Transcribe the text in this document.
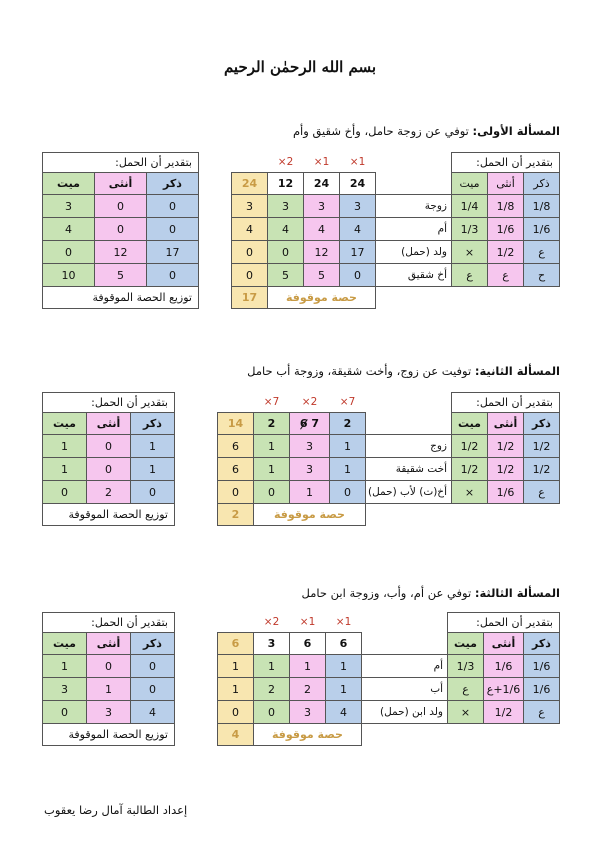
بسم الله الرحمٰن الرحيم
المسألة الأولى: توفي عن زوجة حامل، وأخ شقيق وأم
بتقدير أن الحمل:				1×	1×	2×	
ذكر	أنثى	ميت		24	24	12	24
1/8	1/8	1/4	زوجة	3	3	3	3
1/6	1/6	1/3	أم	4	4	4	4
ع	1/2	×	ولد (حمل)	17	12	0	0
ح	ع	ع	أخ شقيق	0	5	5	0
				حصة موقوفة			17
بتقدير أن الحمل:		
ذكر	أنثى	ميت
0	0	3
0	0	4
17	12	0
0	5	10
توزيع الحصة الموقوفة		
المسألة الثانية: توفيت عن زوج، وأخت شقيقة، وزوجة أب حامل
بتقدير أن الحمل:				7×	2×	7×	
ذكر	أنثى	ميت		2	7 6	2	14
1/2	1/2	1/2	زوج	1	3	1	6
1/2	1/2	1/2	أخت شقيقة	1	3	1	6
ع	1/6	×	أخ(ت) لأب (حمل)	0	1	0	0
				حصة موقوفة			2
بتقدير أن الحمل:		
ذكر	أنثى	ميت
1	0	1
1	0	1
0	2	0
توزيع الحصة الموقوفة		
المسألة الثالثة: توفي عن أم، وأب، وزوجة ابن حامل
بتقدير أن الحمل:				1×	1×	2×	
ذكر	أنثى	ميت		6	6	3	6
1/6	1/6	1/3	أم	1	1	1	1
1/6	1/6+ع	ع	أب	1	2	2	1
ع	1/2	×	ولد ابن (حمل)	4	3	0	0
				حصة موقوفة			4
بتقدير أن الحمل:		
ذكر	أنثى	ميت
0	0	1
0	1	3
4	3	0
توزيع الحصة الموقوفة		
إعداد الطالبة آمال رضا يعقوب
